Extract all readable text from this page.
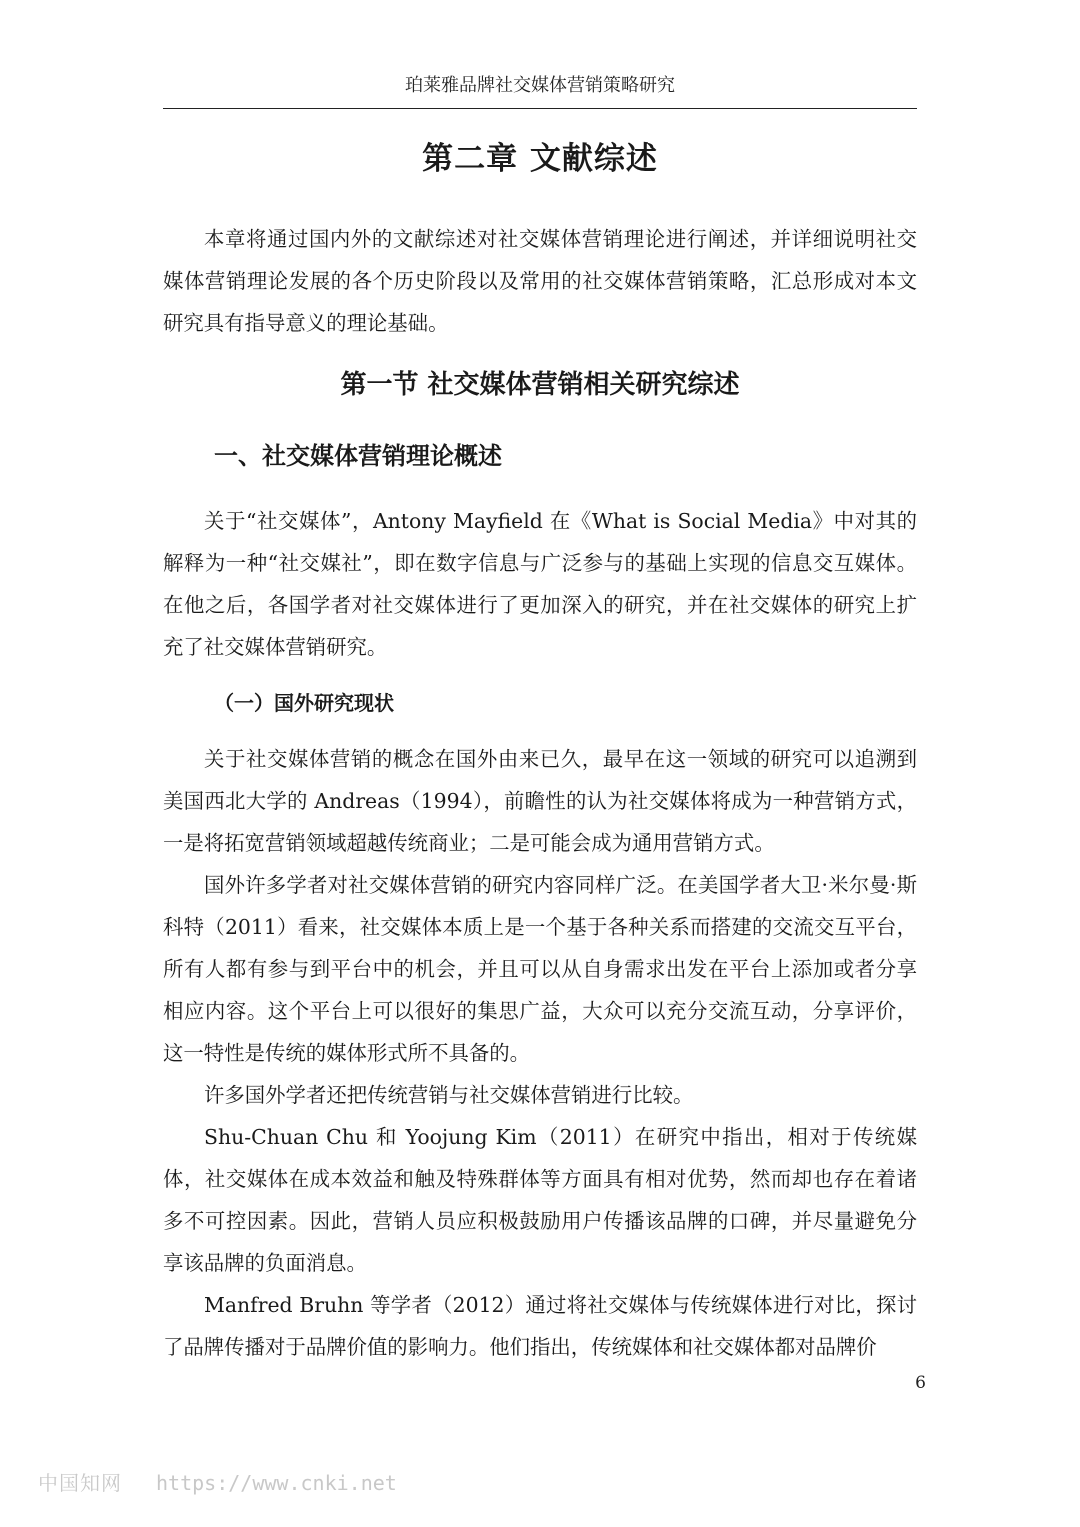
珀莱雅品牌社交媒体营销策略研究
第二章 文献综述

本章将通过国内外的文献综述对社交媒体营销理论进行阐述，并详细说明社交媒体营销理论发展的各个历史阶段以及常用的社交媒体营销策略，汇总形成对本文研究具有指导意义的理论基础。

第一节 社交媒体营销相关研究综述
一、社交媒体营销理论概述

关于“社交媒体”，Antony Mayfield 在《What is Social Media》中对其的解释为一种“社交媒社”，即在数字信息与广泛参与的基础上实现的信息交互媒体。在他之后，各国学者对社交媒体进行了更加深入的研究，并在社交媒体的研究上扩充了社交媒体营销研究。

（一）国外研究现状

关于社交媒体营销的概念在国外由来已久，最早在这一领域的研究可以追溯到美国西北大学的 Andreas（1994），前瞻性的认为社交媒体将成为一种营销方式，一是将拓宽营销领域超越传统商业；二是可能会成为通用营销方式。

国外许多学者对社交媒体营销的研究内容同样广泛。在美国学者大卫·米尔曼·斯科特（2011）看来，社交媒体本质上是一个基于各种关系而搭建的交流交互平台，所有人都有参与到平台中的机会，并且可以从自身需求出发在平台上添加或者分享相应内容。这个平台上可以很好的集思广益，大众可以充分交流互动，分享评价，这一特性是传统的媒体形式所不具备的。

许多国外学者还把传统营销与社交媒体营销进行比较。

Shu-Chuan Chu 和 Yoojung Kim（2011）在研究中指出，相对于传统媒体，社交媒体在成本效益和触及特殊群体等方面具有相对优势，然而却也存在着诸多不可控因素。因此，营销人员应积极鼓励用户传播该品牌的口碑，并尽量避免分享该品牌的负面消息。

Manfred Bruhn 等学者（2012）通过将社交媒体与传统媒体进行对比，探讨了品牌传播对于品牌价值的影响力。他们指出，传统媒体和社交媒体都对品牌价

6
中国知网 https://www.cnki.net
